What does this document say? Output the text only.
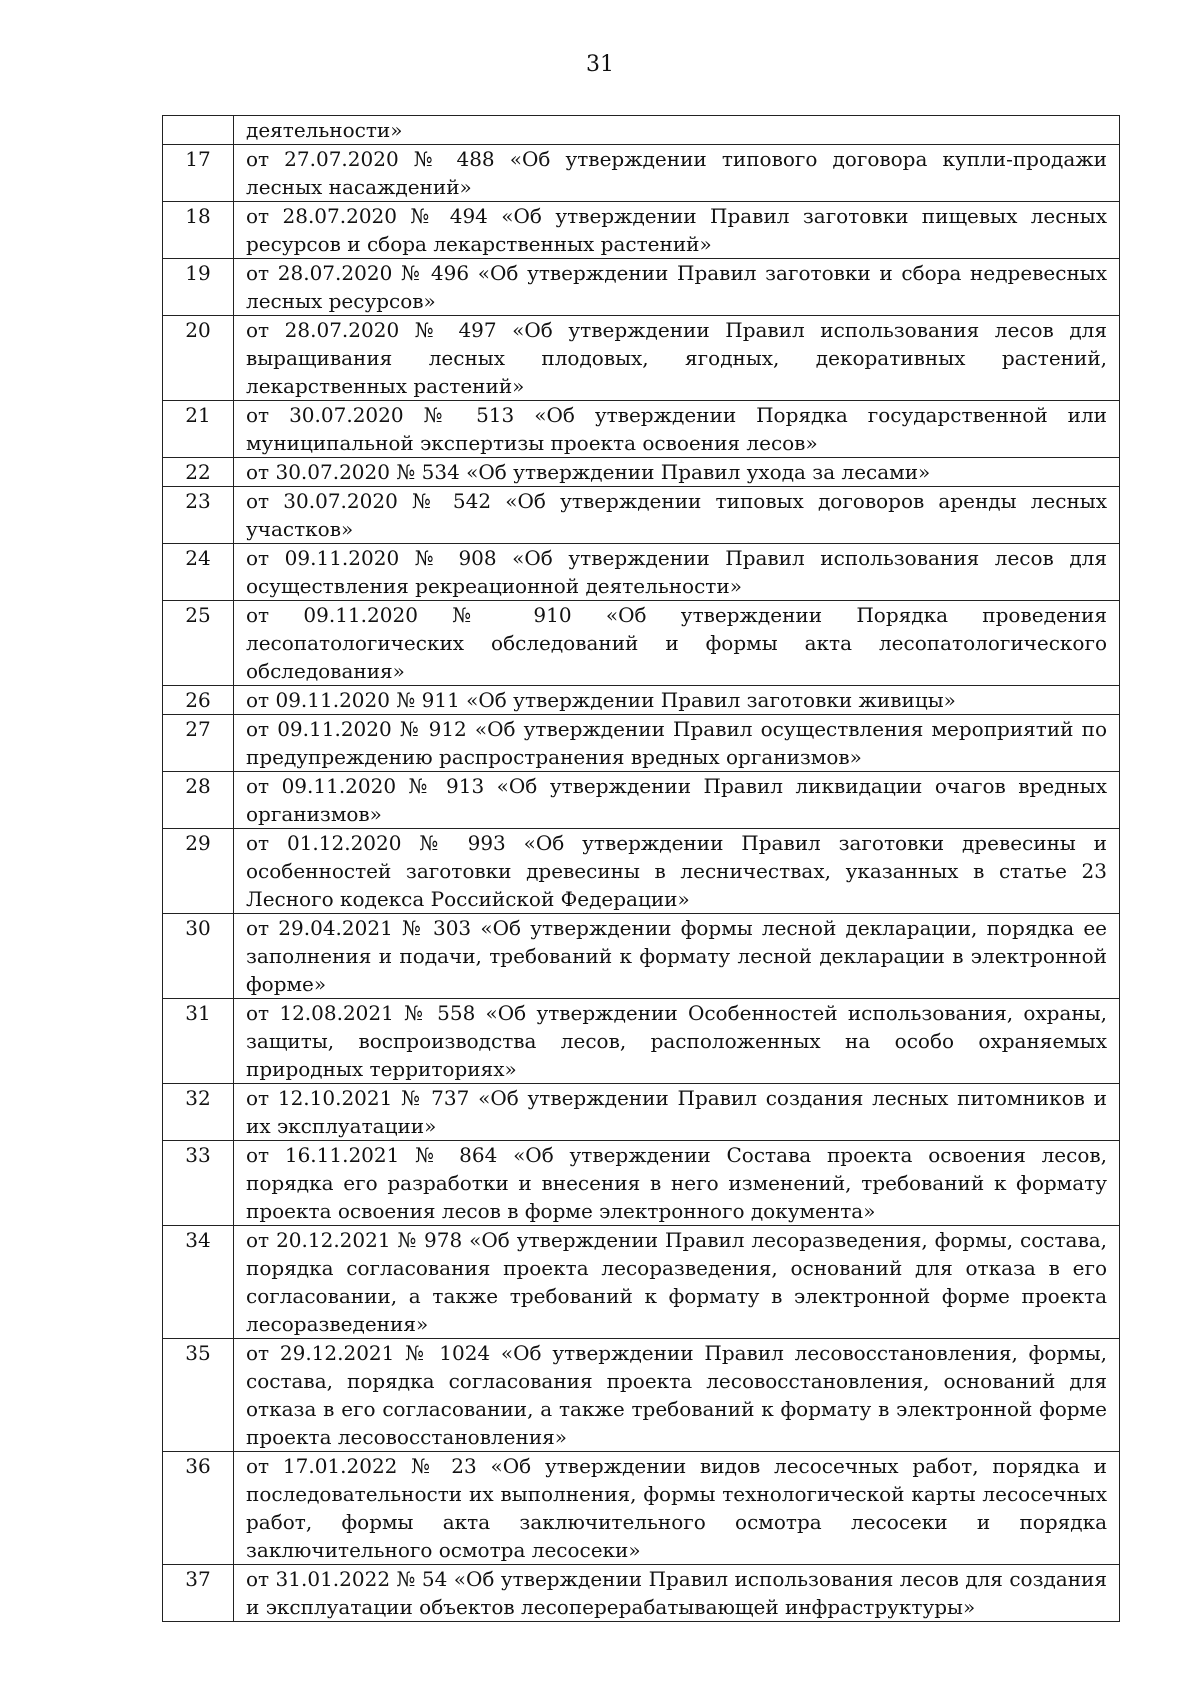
31
	деятельности»
17	от 27.07.2020 № 488 «Об утверждении типового договора купли-продажи лесных насаждений»
18	от 28.07.2020 № 494 «Об утверждении Правил заготовки пищевых лесных ресурсов и сбора лекарственных растений»
19	от 28.07.2020 № 496 «Об утверждении Правил заготовки и сбора недревесных лесных ресурсов»
20	от 28.07.2020 № 497 «Об утверждении Правил использования лесов для выращивания лесных плодовых, ягодных, декоративных растений, лекарственных растений»
21	от 30.07.2020 № 513 «Об утверждении Порядка государственной или муниципальной экспертизы проекта освоения лесов»
22	от 30.07.2020 № 534 «Об утверждении Правил ухода за лесами»
23	от 30.07.2020 № 542 «Об утверждении типовых договоров аренды лесных участков»
24	от 09.11.2020 № 908 «Об утверждении Правил использования лесов для осуществления рекреационной деятельности»
25	от 09.11.2020 № 910 «Об утверждении Порядка проведения лесопатологических обследований и формы акта лесопатологического обследования»
26	от 09.11.2020 № 911 «Об утверждении Правил заготовки живицы»
27	от 09.11.2020 № 912 «Об утверждении Правил осуществления мероприятий по предупреждению распространения вредных организмов»
28	от 09.11.2020 № 913 «Об утверждении Правил ликвидации очагов вредных организмов»
29	от 01.12.2020 № 993 «Об утверждении Правил заготовки древесины и особенностей заготовки древесины в лесничествах, указанных в статье 23 Лесного кодекса Российской Федерации»
30	от 29.04.2021 № 303 «Об утверждении формы лесной декларации, порядка ее заполнения и подачи, требований к формату лесной декларации в электронной форме»
31	от 12.08.2021 № 558 «Об утверждении Особенностей использования, охраны, защиты, воспроизводства лесов, расположенных на особо охраняемых природных территориях»
32	от 12.10.2021 № 737 «Об утверждении Правил создания лесных питомников и их эксплуатации»
33	от 16.11.2021 № 864 «Об утверждении Состава проекта освоения лесов, порядка его разработки и внесения в него изменений, требований к формату проекта освоения лесов в форме электронного документа»
34	от 20.12.2021 № 978 «Об утверждении Правил лесоразведения, формы, состава, порядка согласования проекта лесоразведения, оснований для отказа в его согласовании, а также требований к формату в электронной форме проекта лесоразведения»
35	от 29.12.2021 № 1024 «Об утверждении Правил лесовосстановления, формы, состава, порядка согласования проекта лесовосстановления, оснований для отказа в его согласовании, а также требований к формату в электронной форме проекта лесовосстановления»
36	от 17.01.2022 № 23 «Об утверждении видов лесосечных работ, порядка и последовательности их выполнения, формы технологической карты лесосечных работ, формы акта заключительного осмотра лесосеки и порядка заключительного осмотра лесосеки»
37	от 31.01.2022 № 54 «Об утверждении Правил использования лесов для создания и эксплуатации объектов лесоперерабатывающей инфраструктуры»
